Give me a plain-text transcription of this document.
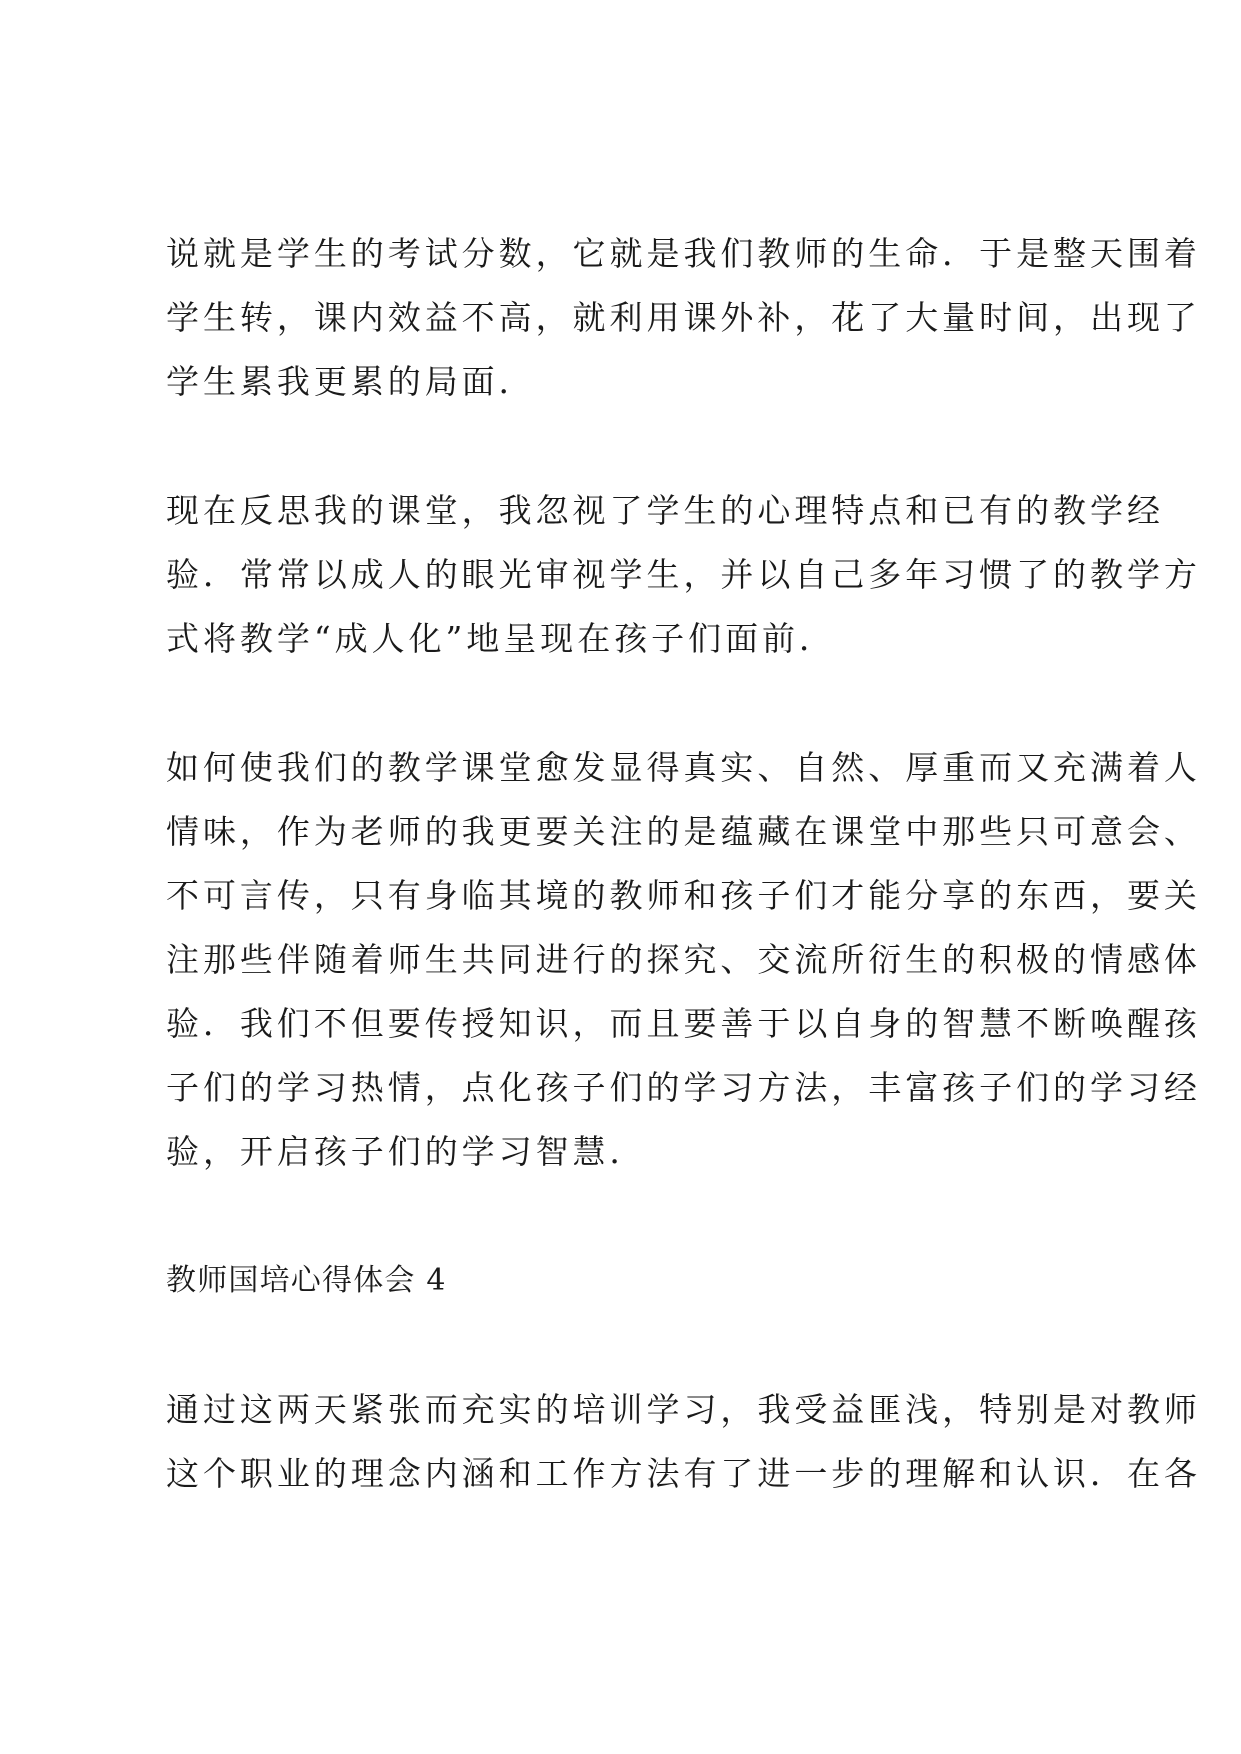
说就是学生的考试分数，它就是我们教师的生命．于是整天围着
学生转，课内效益不高，就利用课外补，花了大量时间，出现了
学生累我更累的局面．

现在反思我的课堂，我忽视了学生的心理特点和已有的教学经
验．常常以成人的眼光审视学生，并以自己多年习惯了的教学方
式将教学“成人化”地呈现在孩子们面前．

如何使我们的教学课堂愈发显得真实、自然、厚重而又充满着人
情味，作为老师的我更要关注的是蕴藏在课堂中那些只可意会、
不可言传，只有身临其境的教师和孩子们才能分享的东西，要关
注那些伴随着师生共同进行的探究、交流所衍生的积极的情感体
验．我们不但要传授知识，而且要善于以自身的智慧不断唤醒孩
子们的学习热情，点化孩子们的学习方法，丰富孩子们的学习经
验，开启孩子们的学习智慧．

教师国培心得体会 4

通过这两天紧张而充实的培训学习，我受益匪浅，特别是对教师
这个职业的理念内涵和工作方法有了进一步的理解和认识．在各
